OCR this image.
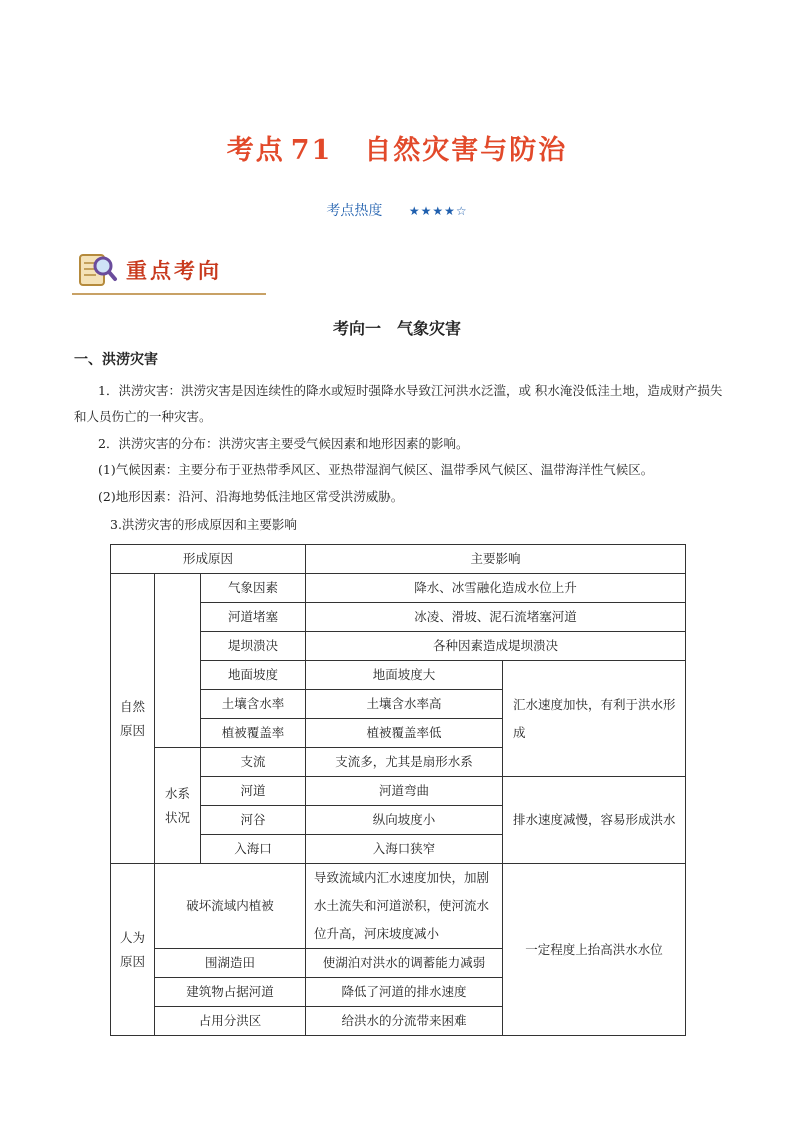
考点 71 自然灾害与防治
考点热度 ★★★★☆
重点考向
考向一　气象灾害
一、洪涝灾害

1．洪涝灾害：洪涝灾害是因连续性的降水或短时强降水导致江河洪水泛滥，或 积水淹没低洼土地，造成财产损失和人员伤亡的一种灾害。

2．洪涝灾害的分布：洪涝灾害主要受气候因素和地形因素的影响。

(1)气候因素：主要分布于亚热带季风区、亚热带湿润气候区、温带季风气候区、温带海洋性气候区。

(2)地形因素：沿河、沿海地势低洼地区常受洪涝威胁。

3.洪涝灾害的形成原因和主要影响

形成原因			主要影响	
自然原因		气象因素	降水、冰雪融化造成水位上升	
		河道堵塞	冰凌、滑坡、泥石流堵塞河道	
		堤坝溃决	各种因素造成堤坝溃决	
		地面坡度	地面坡度大	汇水速度加快，有利于洪水形成
		土壤含水率	土壤含水率高	
		植被覆盖率	植被覆盖率低	
	水系状况	支流	支流多，尤其是扇形水系	
		河道	河道弯曲	排水速度减慢，容易形成洪水
		河谷	纵向坡度小	
		入海口	入海口狭窄	
人为原因	破坏流域内植被		导致流域内汇水速度加快，加剧水土流失和河道淤积，使河流水位升高，河床坡度减小	一定程度上抬高洪水水位
	围湖造田		使湖泊对洪水的调蓄能力减弱	
	建筑物占据河道		降低了河道的排水速度	
	占用分洪区		给洪水的分流带来困难	
